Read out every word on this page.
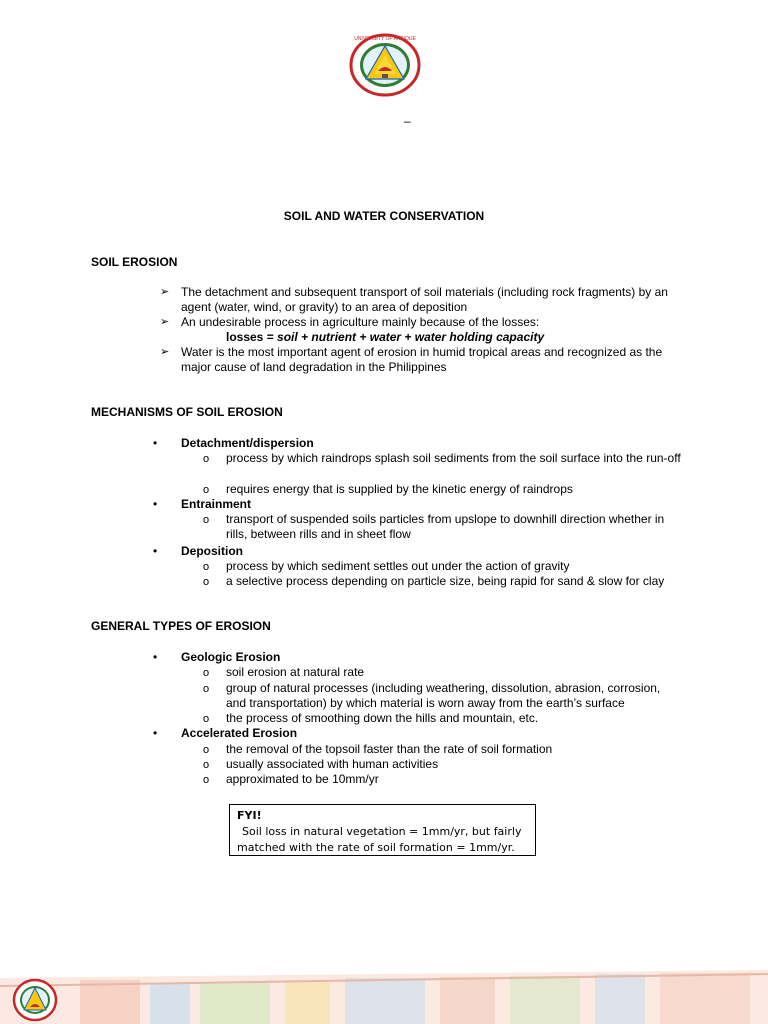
UNIVERSITY OF ANTIQUE
–
SOIL AND WATER CONSERVATION
SOIL EROSION
➢ The detachment and subsequent transport of soil materials (including rock fragments) by an agent (water, wind, or gravity) to an area of deposition
➢ An undesirable process in agriculture mainly because of the losses:
losses = soil + nutrient + water + water holding capacity
➢ Water is the most important agent of erosion in humid tropical areas and recognized as the major cause of land degradation in the Philippines
MECHANISMS OF SOIL EROSION
• Detachment/dispersion
o process by which raindrops splash soil sediments from the soil surface into the run-off
o requires energy that is supplied by the kinetic energy of raindrops
• Entrainment
o transport of suspended soils particles from upslope to downhill direction whether in rills, between rills and in sheet flow
• Deposition
o process by which sediment settles out under the action of gravity
o a selective process depending on particle size, being rapid for sand & slow for clay
GENERAL TYPES OF EROSION
• Geologic Erosion
o soil erosion at natural rate
o group of natural processes (including weathering, dissolution, abrasion, corrosion, and transportation) by which material is worn away from the earth’s surface
o the process of smoothing down the hills and mountain, etc.
• Accelerated Erosion
o the removal of the topsoil faster than the rate of soil formation
o usually associated with human activities
o approximated to be 10mm/yr
FYI!
Soil loss in natural vegetation = 1mm/yr, but fairly
matched with the rate of soil formation = 1mm/yr.
